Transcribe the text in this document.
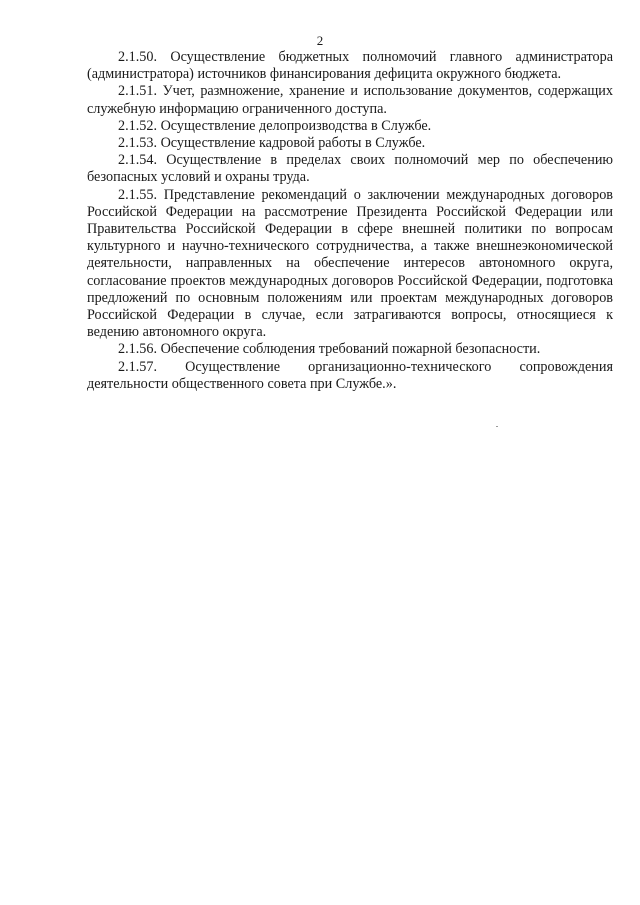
2

2.1.50. Осуществление бюджетных полномочий главного администратора (администратора) источников финансирования дефицита окружного бюджета.

2.1.51. Учет, размножение, хранение и использование документов, содержащих служебную информацию ограниченного доступа.

2.1.52. Осуществление делопроизводства в Службе.

2.1.53. Осуществление кадровой работы в Службе.

2.1.54. Осуществление в пределах своих полномочий мер по обеспечению безопасных условий и охраны труда.

2.1.55. Представление рекомендаций о заключении международных договоров Российской Федерации на рассмотрение Президента Российской Федерации или Правительства Российской Федерации в сфере внешней политики по вопросам культурного и научно-технического сотрудничества, а также внешнеэкономической деятельности, направленных на обеспечение интересов автономного округа, согласование проектов международных договоров Российской Федерации, подготовка предложений по основным положениям или проектам международных договоров Российской Федерации в случае, если затрагиваются вопросы, относящиеся к ведению автономного округа.

2.1.56. Обеспечение соблюдения требований пожарной безопасности.

2.1.57. Осуществление организационно-технического сопровождения деятельности общественного совета при Службе.».
